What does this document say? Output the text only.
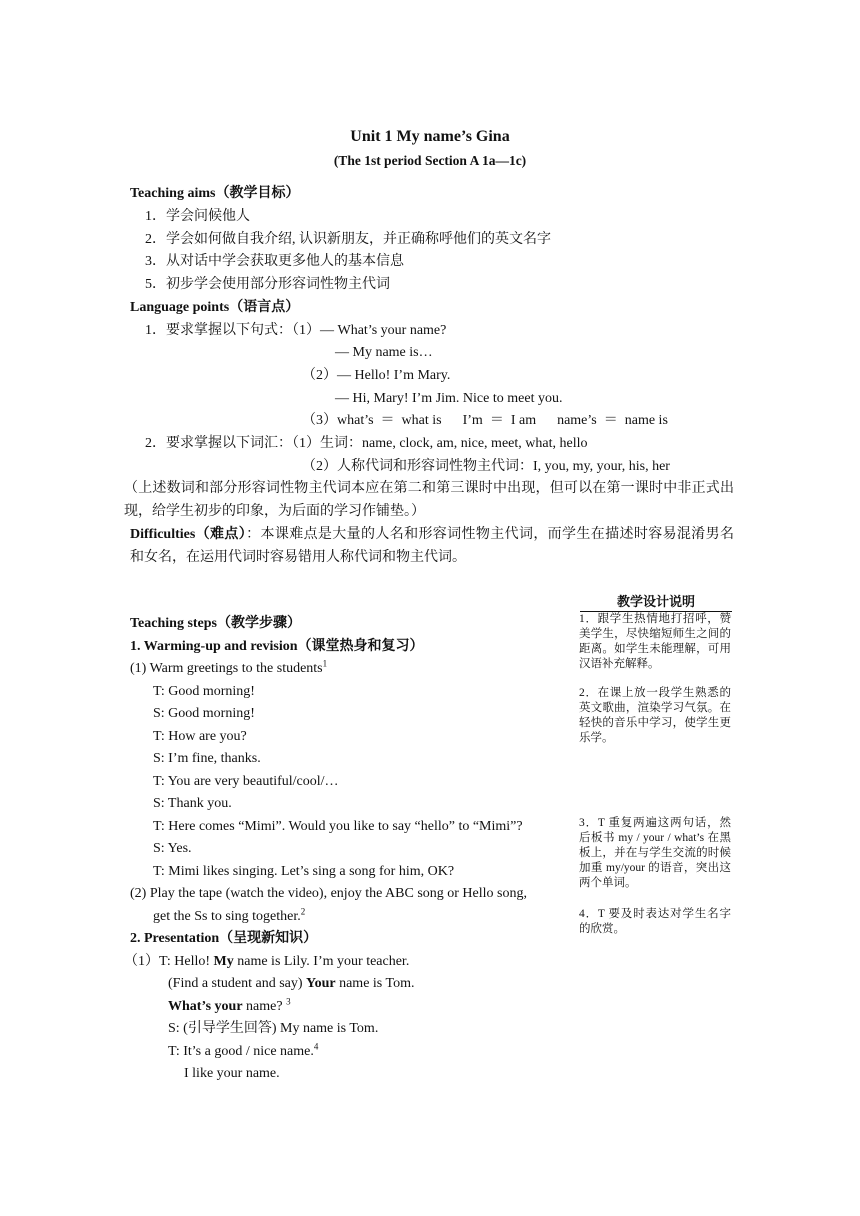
Unit 1 My name’s Gina
(The 1st period Section A 1a—1c)
Teaching aims（教学目标）
1．学会问候他人
2．学会如何做自我介绍, 认识新朋友，并正确称呼他们的英文名字
3．从对话中学会获取更多他人的基本信息
5．初步学会使用部分形容词性物主代词
Language points（语言点）
1．要求掌握以下句式：（1）— What’s your name?
— My name is…
（2）— Hello! I’m Mary.
— Hi, Mary! I’m Jim. Nice to meet you.
（3）what’s  ＝  what is      I’m  ＝  I am      name’s  ＝  name is
2．要求掌握以下词汇：（1）生词：name, clock, am, nice, meet, what, hello
（2）人称代词和形容词性物主代词：I, you, my, your, his, her
（上述数词和部分形容词性物主代词本应在第二和第三课时中出现，但可以在第一课时中非正式出现，给学生初步的印象，为后面的学习作铺垫。）
Difficulties（难点）：本课难点是大量的人名和形容词性物主代词，而学生在描述时容易混淆男名和女名，在运用代词时容易错用人称代词和物主代词。
Teaching steps（教学步骤）
1. Warming-up and revision（课堂热身和复习）
(1) Warm greetings to the students$^1$
T: Good morning!
S: Good morning!
T: How are you?
S: I’m fine, thanks.
T: You are very beautiful/cool/…
S: Thank you.
T: Here comes “Mimi”. Would you like to say “hello” to “Mimi”?
S: Yes.
T: Mimi likes singing. Let’s sing a song for him, OK?
(2) Play the tape (watch the video), enjoy the ABC song or Hello song,
get the Ss to sing together.$^2$
2. Presentation（呈现新知识）
（1）T: Hello! My name is Lily. I’m your teacher.
(Find a student and say) Your name is Tom.
What’s your name? $^3$
S: (引导学生回答) My name is Tom.
T: It’s a good / nice name.$^4$
I like your name.
教学设计说明
1．跟学生热情地打招呼，赞美学生，尽快缩短师生之间的距离。如学生未能理解，可用汉语补充解释。
2．在课上放一段学生熟悉的英文歌曲，渲染学习气氛。在轻快的音乐中学习，使学生更乐学。
3．T 重复两遍这两句话，然后板书 my / your / what’s 在黑板上，并在与学生交流的时候加重 my/your 的语音，突出这两个单词。
4．T 要及时表达对学生名字的欣赏。
